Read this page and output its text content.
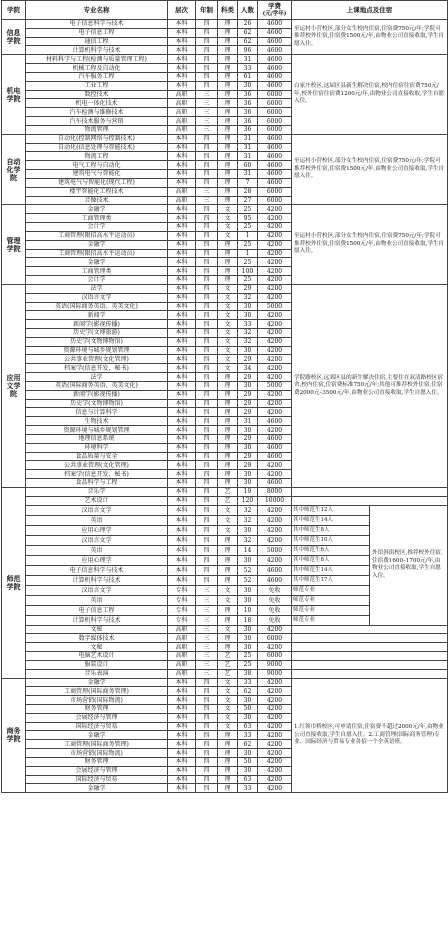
学院	专业名称	层次	年制	科类	人数	学费
(元/学年)	上课地点及住宿	
信息学院	电子信息科学与技术	本科	四	理	26	4600	至运村小营校区,部分女生校内住宿,住宿费750元/年;学院可推荐校外住宿,住宿费1500元/年,由物业公司直接收取,学生自愿入住。	
	电子信息工程	本科	四	理	62	4600		
	通信工程	本科	四	理	62	4600		
	计算机科学与技术	本科	四	理	96	4600		
机电学院	材料科学与工程(检测与质量管理工程)	本科	四	理	31	4600	白家庄校区,这届区县新生解决住宿,校内住宿住宿费750元/年,校外住宿住宿费1200元/年,由物业公司直接收取,学生自愿入住。	
	机械工程及自动化	本科	四	理	33	4600		
	汽车服务工程	本科	四	理	61	4600		
	工业工程	本科	四	理	30	4600		
	数控技术	高职	三	理	36	6000		
	机电一体化技术	高职	三	理	36	6000		
	汽车检测与维修技术	高职	三	理	36	6000		
	汽车技术服务与营销	高职	三	理	36	6000		
	物流管理	高职	三	理	36	6000		
自动化学院	自动化(控制网络与控制技术)	本科	四	理	31	4600	至运村小营校区,部分女生校内住宿,住宿费750元/年;学院可推荐校外住宿,住宿费1500元/年,由物业公司直接收取,学生自愿入住。	
	自动化(信息处理与智能技术)	本科	四	理	31	4600		
	物流工程	本科	四	理	31	4600		
	电气工程与自动化	本科	四	理	60	4600		
	建筑电气与智能化	本科	四	理	31	4600		
	建筑电气与智能化(现代工程)	本科	四	理	7	4600		
	楼宇智能化工程技术	高职	三	理	28	6000		
	音像技术	高职	三	理	27	6000		
管理学院	金融学	本科	四	文	25	4200	至运村小营校区,部分女生校内住宿,住宿费750元/年;学院可推荐校外住宿,住宿费1500元/年,由物业公司直接收取,学生自愿入住。	
	工商管理类	本科	四	文	95	4200		
	会计学	本科	四	文	25	4200		
	工商管理(限招高水平运动员)	本科	四	文	1	4200		
	金融学	本科	四	理	25	4200		
	工商管理(限招高水平运动员)	本科	四	理	1	4200		
	金融学	本科	四	理	25	4200		
	工商管理类	本科	四	理	100	4200		
	会计学	本科	四	理	25	4200		
应用文学院	法学	本科	四	文	29	4200	学院路校区,远郊区县的新生解决住宿,主要住在双清路校区宿舍,校内住宿,住宿费标准750元/年;其他可推荐校外住宿,住宿费2000元–3500元/年,由物业公司直接收取,学生自愿入住。	
	汉语言文学	本科	四	文	32	4200		
	英语(国际商务英语、英美文化)	本科	四	文	30	5000		
	新闻学	本科	四	文	30	4200		
	新闻学(影视传播)	本科	四	文	33	4200		
	历史学(文博旅游)	本科	四	文	32	4200		
	历史学(文物博物馆)	本科	四	文	32	4200		
	资源环境与城乡规划管理	本科	四	文	30	4200		
	公共事业管理(文化管理)	本科	四	文	29	4200		
	档案学(信息开发、秘书)	本科	四	文	34	4200		
	法学	本科	四	理	29	4200		
	英语(国际商务英语、英美文化)	本科	四	理	30	5000		
	新闻学(影视传播)	本科	四	理	29	4200		
	历史学(文物博物馆)	本科	四	理	29	4200		
	信息与计算科学	本科	四	理	29	4200		
	生物技术	本科	四	理	31	4600		
	资源环境与城乡规划管理	本科	四	理	30	4200		
	地理信息系统	本科	四	理	29	4600		
	环境科学	本科	四	理	30	4600		
	食品质量与安全	本科	四	理	29	4600		
	公共事业管理(文化管理)	本科	四	理	29	4200		
	档案学(信息开发、秘书)	本科	四	理	30	4200		
	食品科学与工程	本科	四	理	30	4600		
师范学院	音乐学	本科	四	艺	19	8000		
	艺术设计	本科	四	艺	120	10000		
	汉语言文学	本科	四	文	32	4200	其中师范生12人	外馆斜街校区,推荐校外住宿,住宿费1600–1700元/年,由物业公司直接收取,学生自愿入住。
	英语	本科	四	文	32	4200	其中师范生14人	
	应用心理学	本科	四	文	30	4200	其中师范生8人	
	汉语言文学	本科	四	理	32	4200	其中师范生10人	
	英语	本科	四	理	14	5000	其中师范生6人	
	应用心理学	本科	四	理	30	4200	其中师范生8人	
	电子信息科学与技术	本科	四	理	52	4600	其中师范生14人	
	计算机科学与技术	本科	四	理	52	4600	其中师范生17人	
	汉语言文学	专科	三	文	30	免收	师范专业	
	英语	专科	三	文	30	免收	师范专业	
	电子信息工程	专科	三	理	10	免收	师范专业	
	计算机科学与技术	专科	三	理	18	免收	师范专业	
	文秘	高职	三	文	30	4200		
	数字媒体技术	高职	三	理	30	6000		
	文秘	高职	三	理	30	4200		
	电脑艺术设计	高职	三	艺	25	6000		
	服装设计	高职	三	艺	25	9000		
	音乐表演	高职	三	艺	38	9000		
商务学院	金融学	本科	四	文	33	4200	1.红领巾桥校区,可申请住宿,住宿费不超过2000元/年,由物业公司直接收取,学生自愿入住。2.工商管理(国际商务管理)专业、国际经济与贸易专业各招一个全英语班。	
	工商管理(国际商务管理)	本科	四	文	62	4200		
	市场营销(国际物流)	本科	四	文	30	4200		
	财务管理	本科	四	文	50	4200		
	会展经济与管理	本科	四	文	30	4200		
	国际经济与贸易	本科	四	文	63	4200		
	金融学	本科	四	理	33	4200		
	工商管理(国际商务管理)	本科	四	理	62	4200		
	市场营销(国际物流)	本科	四	理	30	4200		
	财务管理	本科	四	理	50	4200		
	会展经济与管理	本科	四	理	30	4200		
	国际经济与贸易	本科	四	理	63	4200		
	金融学	本科	四	理	33	4200		
